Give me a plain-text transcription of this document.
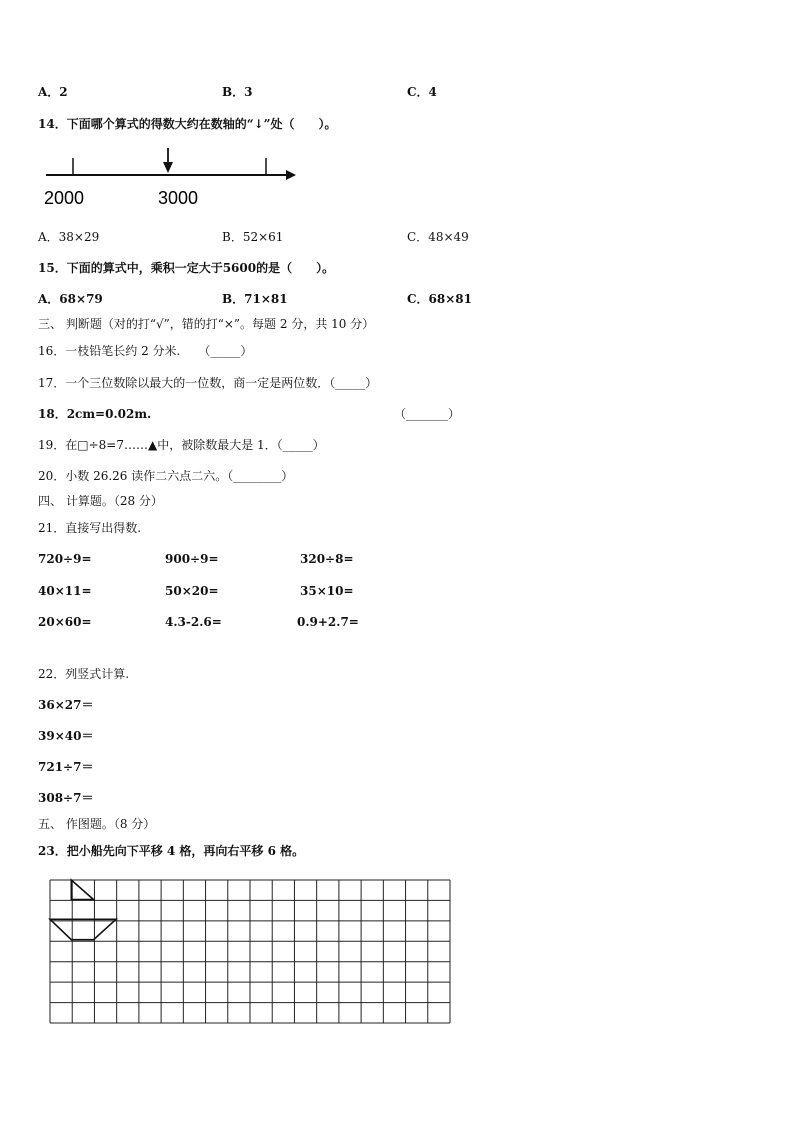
A．2	B．3	C．4
14．下面哪个算式的得数大约在数轴的“↓”处（　　）。
2000	3000
A．38×29	B．52×61	C．48×49
15．下面的算式中，乘积一定大于5600的是（　　）。
A．68×79	B．71×81	C．68×81
三、 判断题（对的打“√”，错的打“×”。每题 2 分，共 10 分）
16．一枝铅笔长约 2 分米.　　（_____）
17．一个三位数除以最大的一位数，商一定是两位数．（_____）
18．2cm=0.02m.	（_______）
19．在□÷8=7……▲中，被除数最大是 1．（_____）
20．小数 26.26 读作二六点二六。（________）
四、 计算题。（28 分）
21．直接写出得数.
720÷9=	900÷9=	320÷8=
40×11=	50×20=	35×10=
20×60=	4.3-2.6=	0.9+2.7=
22．列竖式计算.
36×27＝
39×40＝
721÷7＝
308÷7＝
五、 作图题。（8 分）
23．把小船先向下平移 4 格，再向右平移 6 格。
